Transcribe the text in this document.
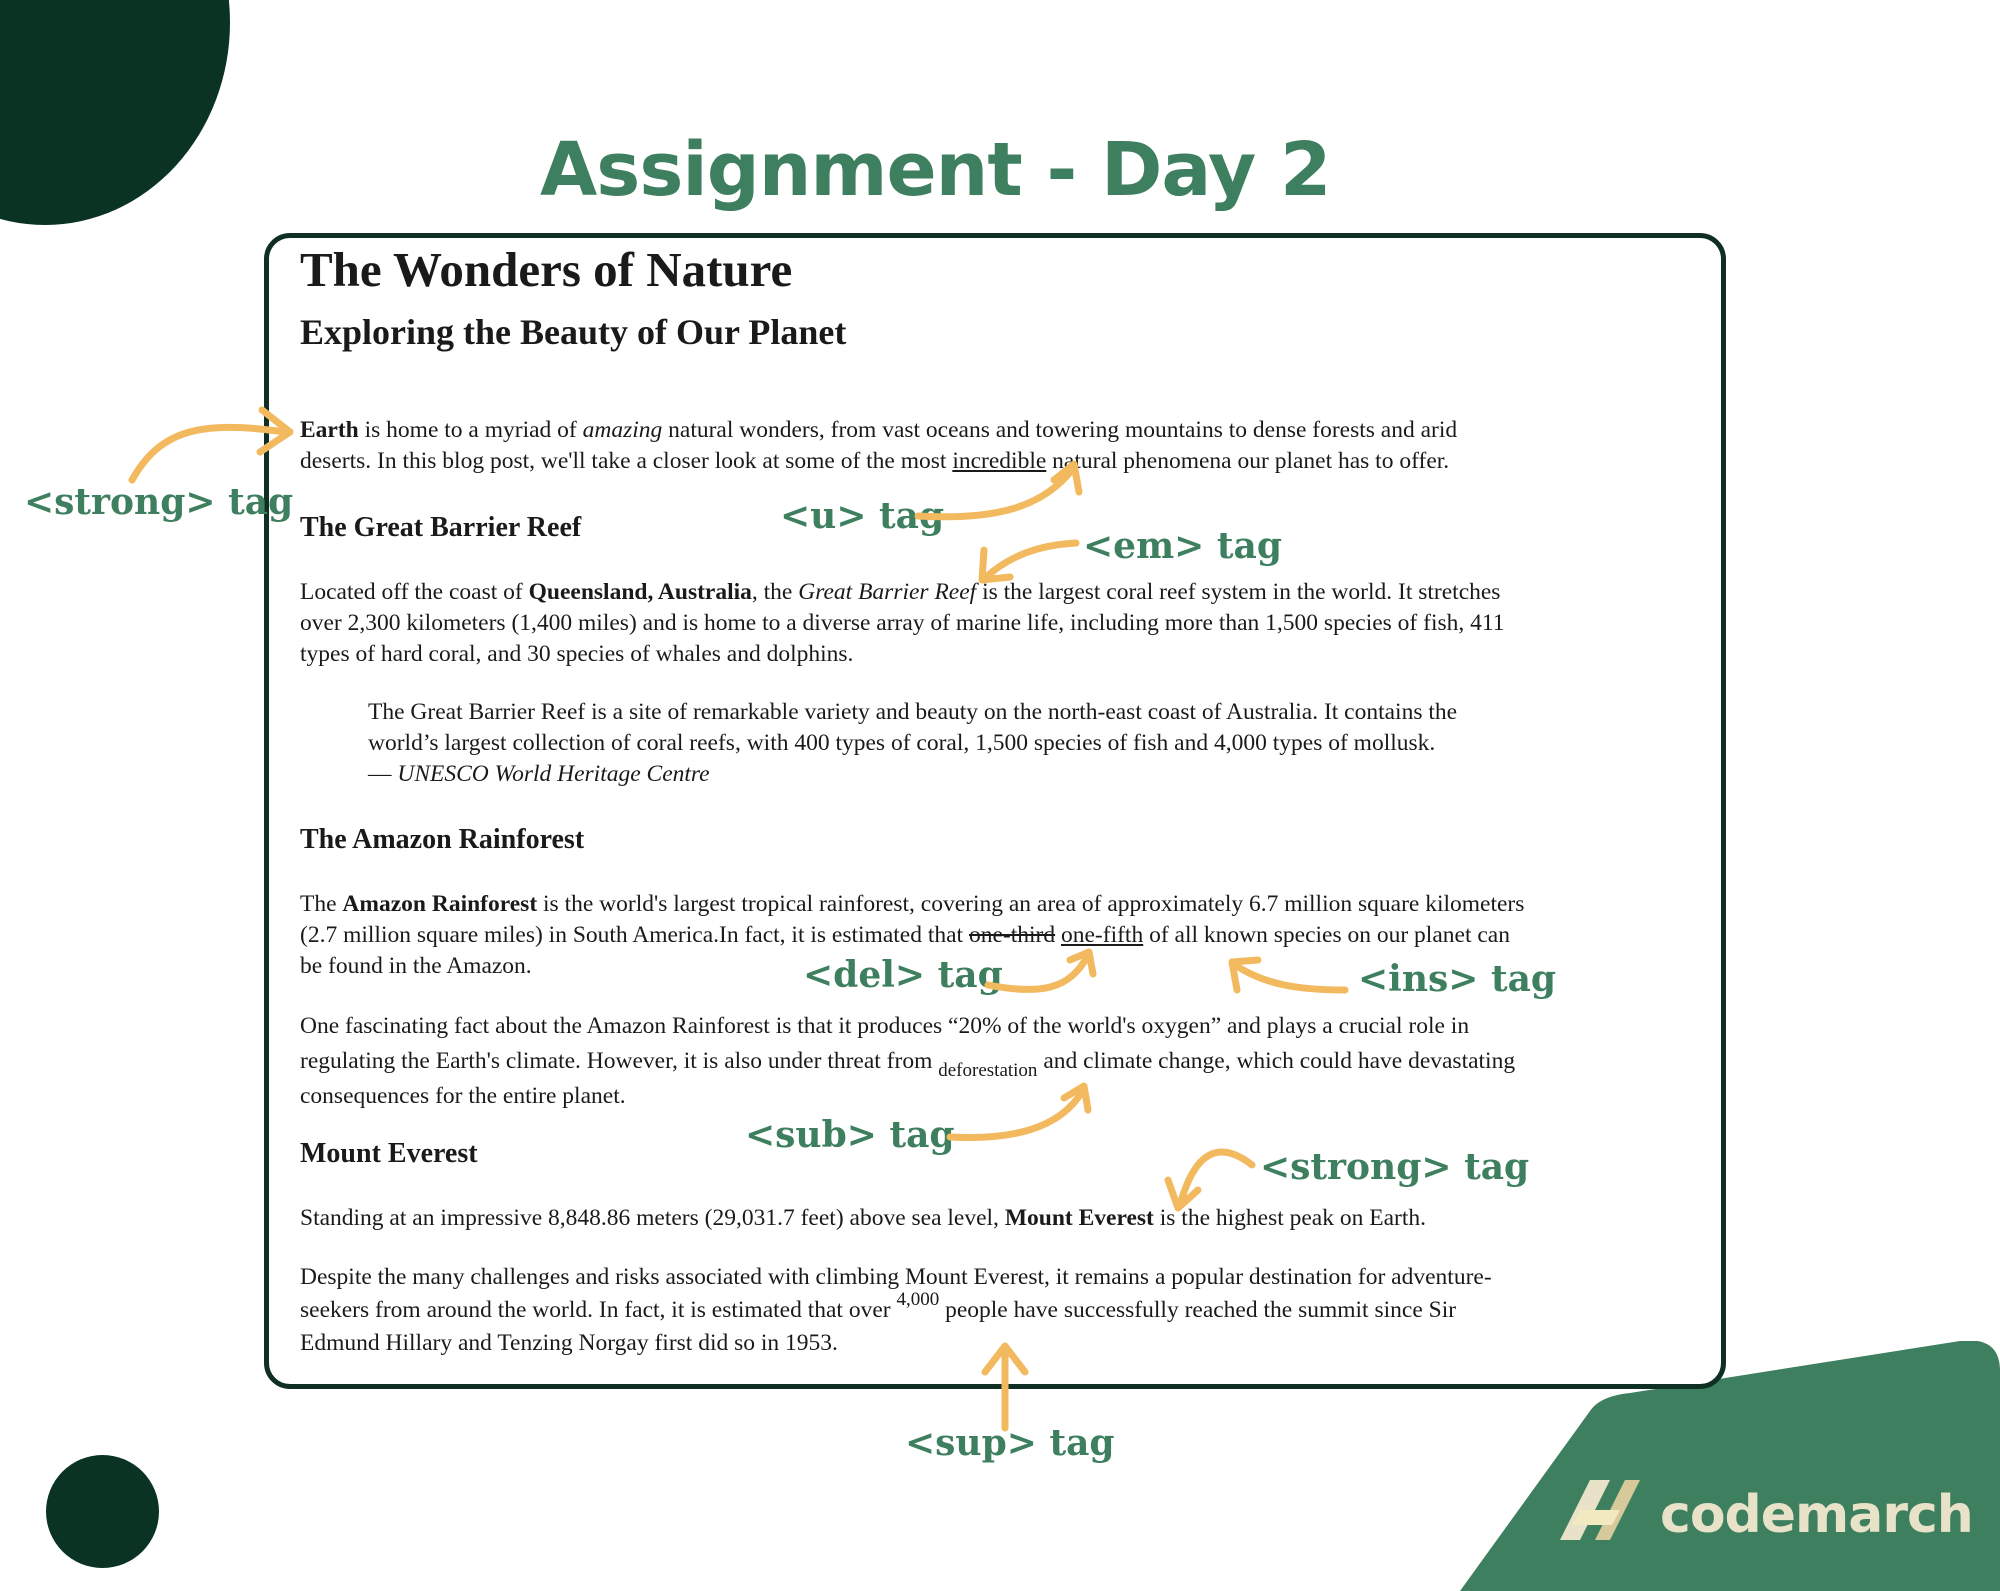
Assignment - Day 2
The Wonders of Nature
Exploring the Beauty of Our Planet

Earth is home to a myriad of amazing natural wonders, from vast oceans and towering mountains to dense forests and arid
deserts. In this blog post, we'll take a closer look at some of the most incredible natural phenomena our planet has to offer.

The Great Barrier Reef

Located off the coast of Queensland, Australia, the Great Barrier Reef is the largest coral reef system in the world. It stretches
over 2,300 kilometers (1,400 miles) and is home to a diverse array of marine life, including more than 1,500 species of fish, 411
types of hard coral, and 30 species of whales and dolphins.

The Great Barrier Reef is a site of remarkable variety and beauty on the north-east coast of Australia. It contains the
world’s largest collection of coral reefs, with 400 types of coral, 1,500 species of fish and 4,000 types of mollusk.
— UNESCO World Heritage Centre

The Amazon Rainforest

The Amazon Rainforest is the world's largest tropical rainforest, covering an area of approximately 6.7 million square kilometers
(2.7 million square miles) in South America.In fact, it is estimated that one-third one-fifth of all known species on our planet can
be found in the Amazon.

One fascinating fact about the Amazon Rainforest is that it produces “20% of the world's oxygen” and plays a crucial role in
regulating the Earth's climate. However, it is also under threat from $_{deforestation}$ and climate change, which could have devastating
consequences for the entire planet.

Mount Everest

Standing at an impressive 8,848.86 meters (29,031.7 feet) above sea level, Mount Everest is the highest peak on Earth.

Despite the many challenges and risks associated with climbing Mount Everest, it remains a popular destination for adventure-
seekers from around the world. In fact, it is estimated that over $^{4,000}$ people have successfully reached the summit since Sir
Edmund Hillary and Tenzing Norgay first did so in 1953.

<strong> tag	<u> tag
<em> tag
<del> tag	<ins> tag
<sub> tag
<strong> tag
<sup> tag
codemarch
